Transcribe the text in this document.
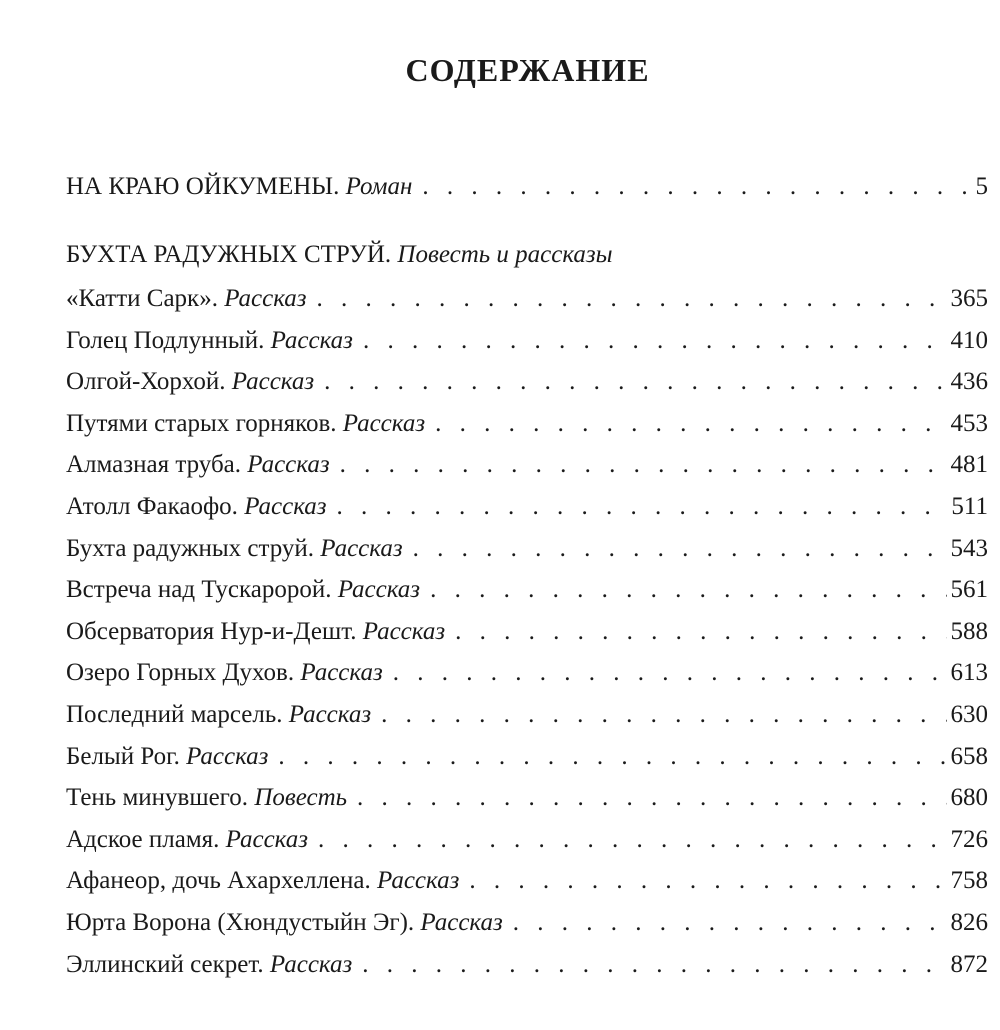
СОДЕРЖАНИЕ
НА КРАЮ ОЙКУМЕНЫ. Роман . . .	5
БУХТА РАДУЖНЫХ СТРУЙ. Повесть и рассказы
«Катти Сарк». Рассказ . . .	365
Голец Подлунный. Рассказ . . .	410
Олгой-Хорхой. Рассказ . . .	436
Путями старых горняков. Рассказ . . .	453
Алмазная труба. Рассказ . . .	481
Атолл Факаофо. Рассказ . . .	511
Бухта радужных струй. Рассказ . . .	543
Встреча над Тускаророй. Рассказ . . .	561
Обсерватория Нур-и-Дешт. Рассказ . . .	588
Озеро Горных Духов. Рассказ . . .	613
Последний марсель. Рассказ . . .	630
Белый Рог. Рассказ . . .	658
Тень минувшего. Повесть . . .	680
Адское пламя. Рассказ . . .	726
Афанеор, дочь Ахархеллена. Рассказ . . .	758
Юрта Ворона (Хюндустыйн Эг). Рассказ . . .	826
Эллинский секрет. Рассказ . . .	872
